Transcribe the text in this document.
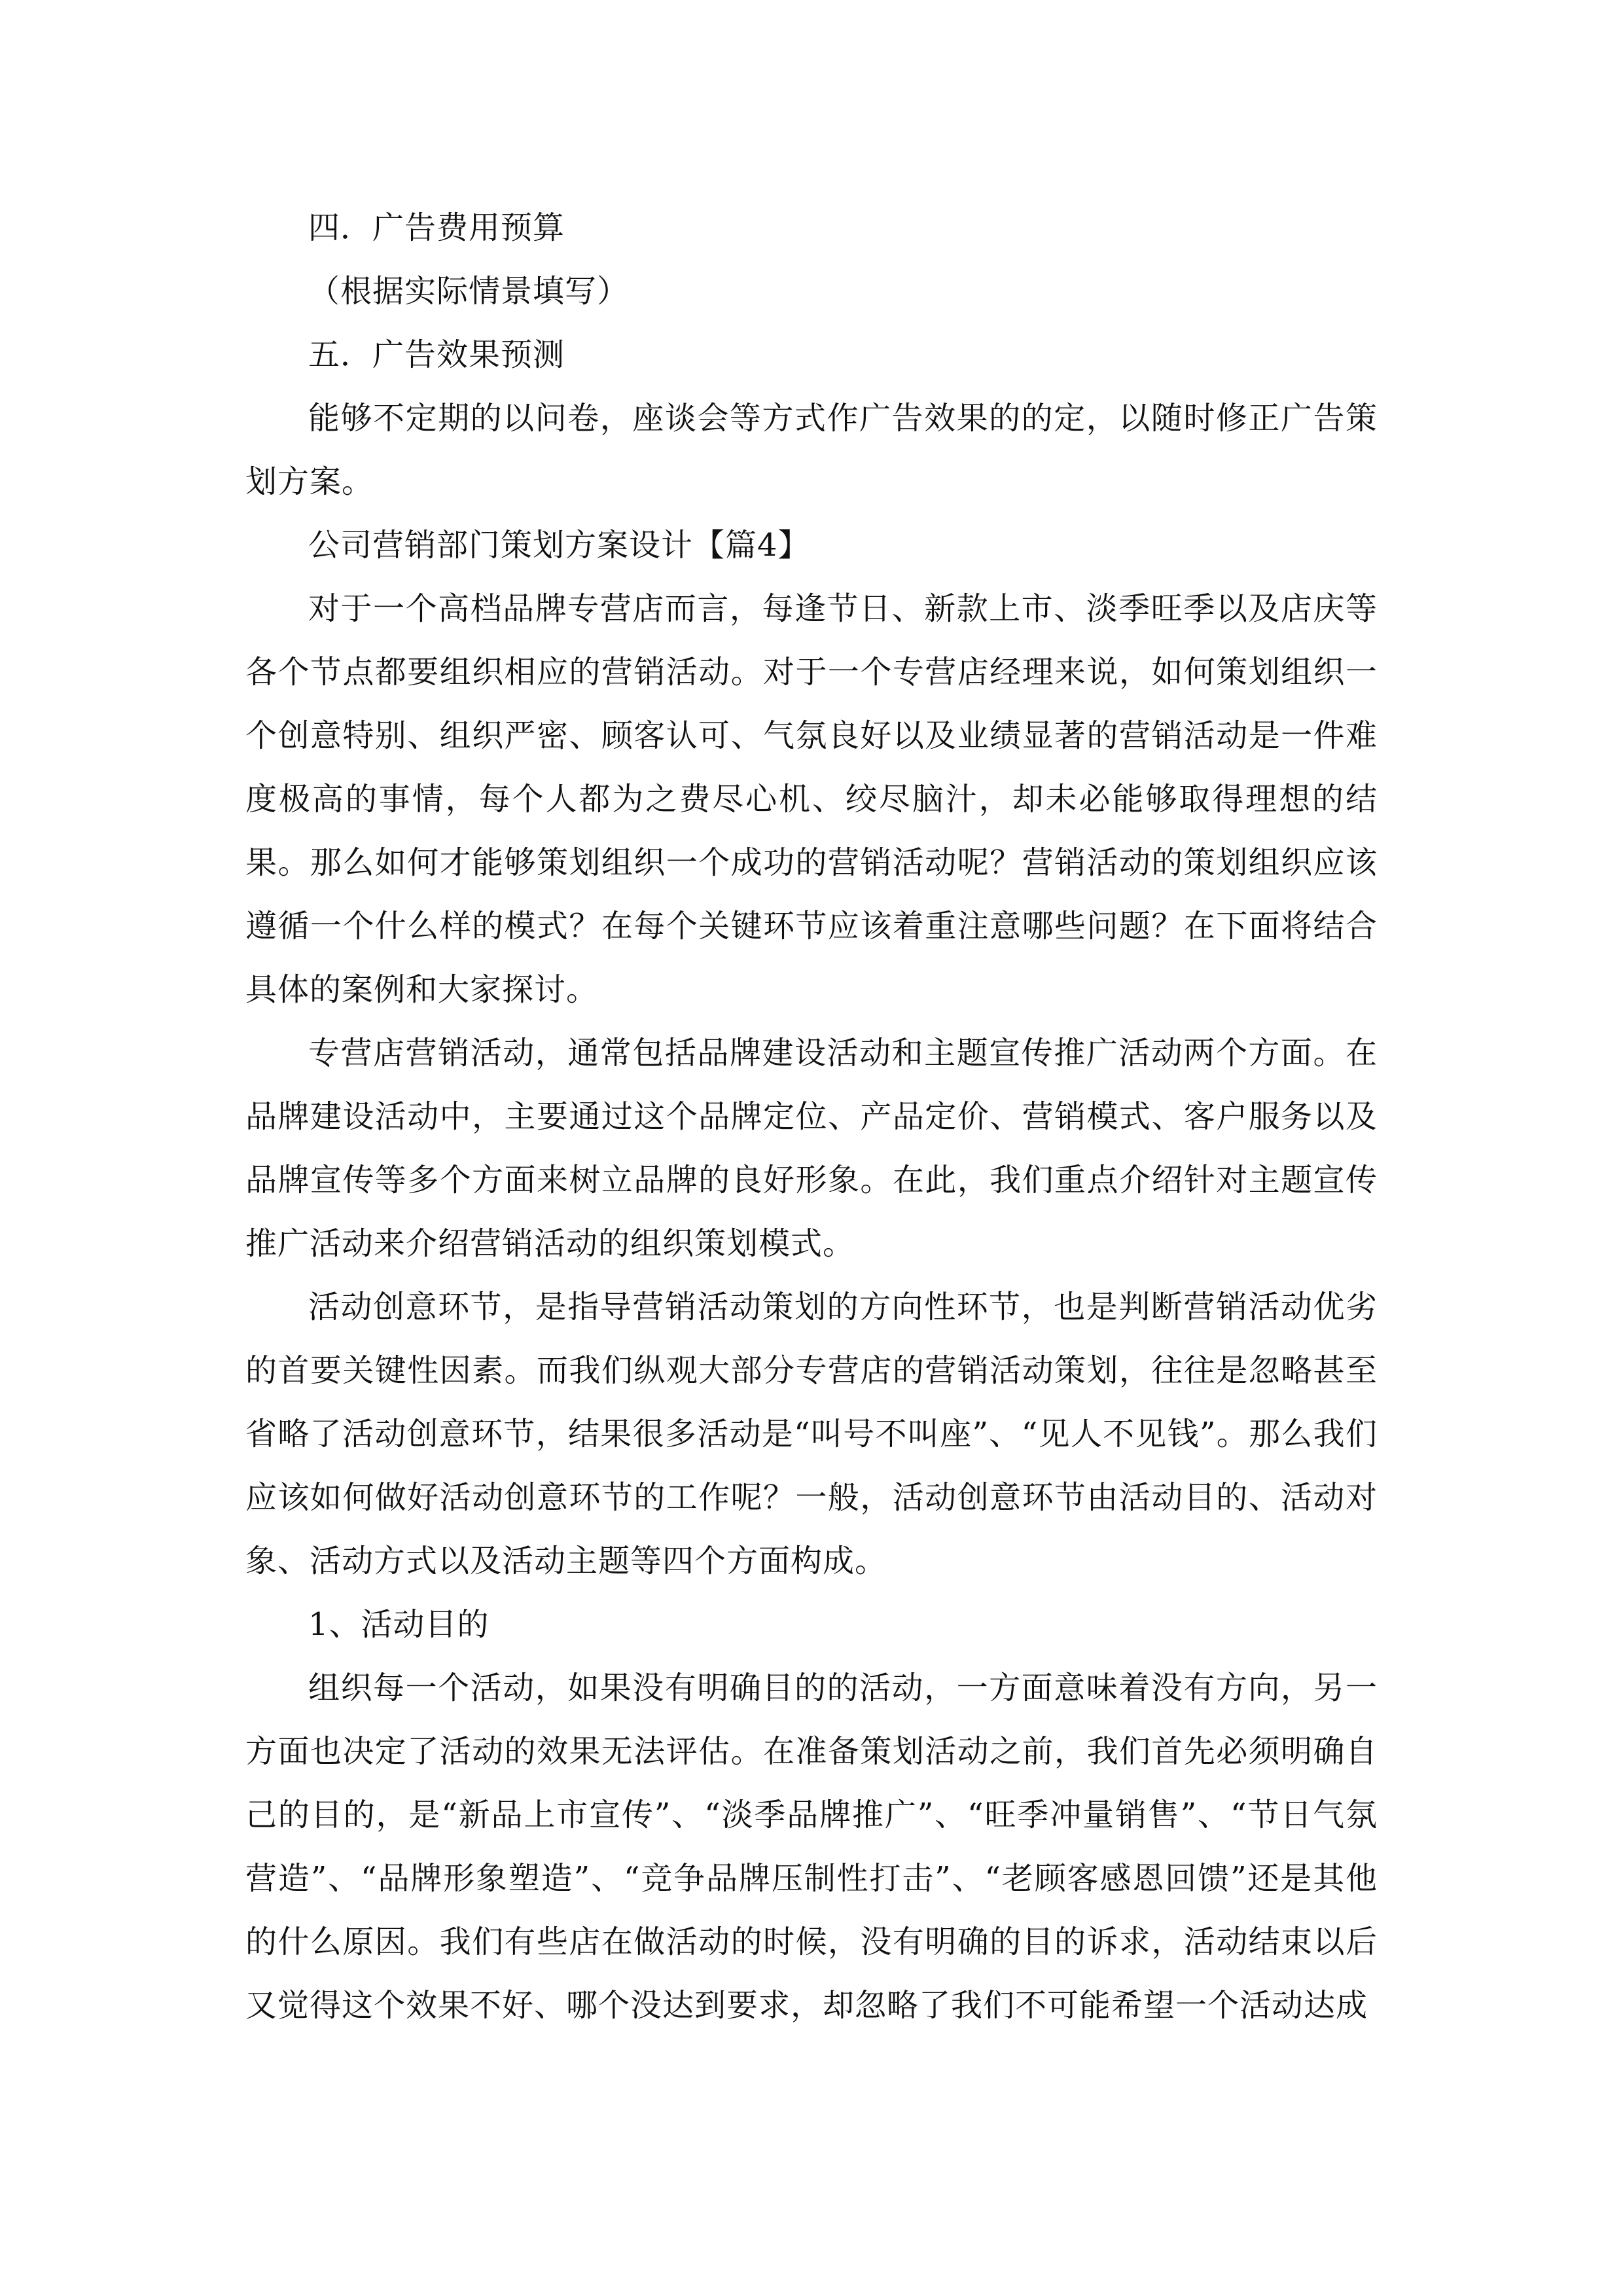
四．广告费用预算

（根据实际情景填写）

五．广告效果预测

能够不定期的以问卷，座谈会等方式作广告效果的的定，以随时修正广告策划方案。

公司营销部门策划方案设计【篇4】

对于一个高档品牌专营店而言，每逢节日、新款上市、淡季旺季以及店庆等各个节点都要组织相应的营销活动。对于一个专营店经理来说，如何策划组织一个创意特别、组织严密、顾客认可、气氛良好以及业绩显著的营销活动是一件难度极高的事情，每个人都为之费尽心机、绞尽脑汁，却未必能够取得理想的结果。那么如何才能够策划组织一个成功的营销活动呢？营销活动的策划组织应该遵循一个什么样的模式？在每个关键环节应该着重注意哪些问题？在下面将结合具体的案例和大家探讨。

专营店营销活动，通常包括品牌建设活动和主题宣传推广活动两个方面。在品牌建设活动中，主要通过这个品牌定位、产品定价、营销模式、客户服务以及品牌宣传等多个方面来树立品牌的良好形象。在此，我们重点介绍针对主题宣传推广活动来介绍营销活动的组织策划模式。

活动创意环节，是指导营销活动策划的方向性环节，也是判断营销活动优劣的首要关键性因素。而我们纵观大部分专营店的营销活动策划，往往是忽略甚至省略了活动创意环节，结果很多活动是“叫号不叫座”、“见人不见钱”。那么我们应该如何做好活动创意环节的工作呢？一般，活动创意环节由活动目的、活动对象、活动方式以及活动主题等四个方面构成。

1、活动目的

组织每一个活动，如果没有明确目的的活动，一方面意味着没有方向，另一方面也决定了活动的效果无法评估。在准备策划活动之前，我们首先必须明确自己的目的，是“新品上市宣传”、“淡季品牌推广”、“旺季冲量销售”、“节日气氛营造”、“品牌形象塑造”、“竞争品牌压制性打击”、“老顾客感恩回馈”还是其他的什么原因。我们有些店在做活动的时候，没有明确的目的诉求，活动结束以后又觉得这个效果不好、哪个没达到要求，却忽略了我们不可能希望一个活动达成
